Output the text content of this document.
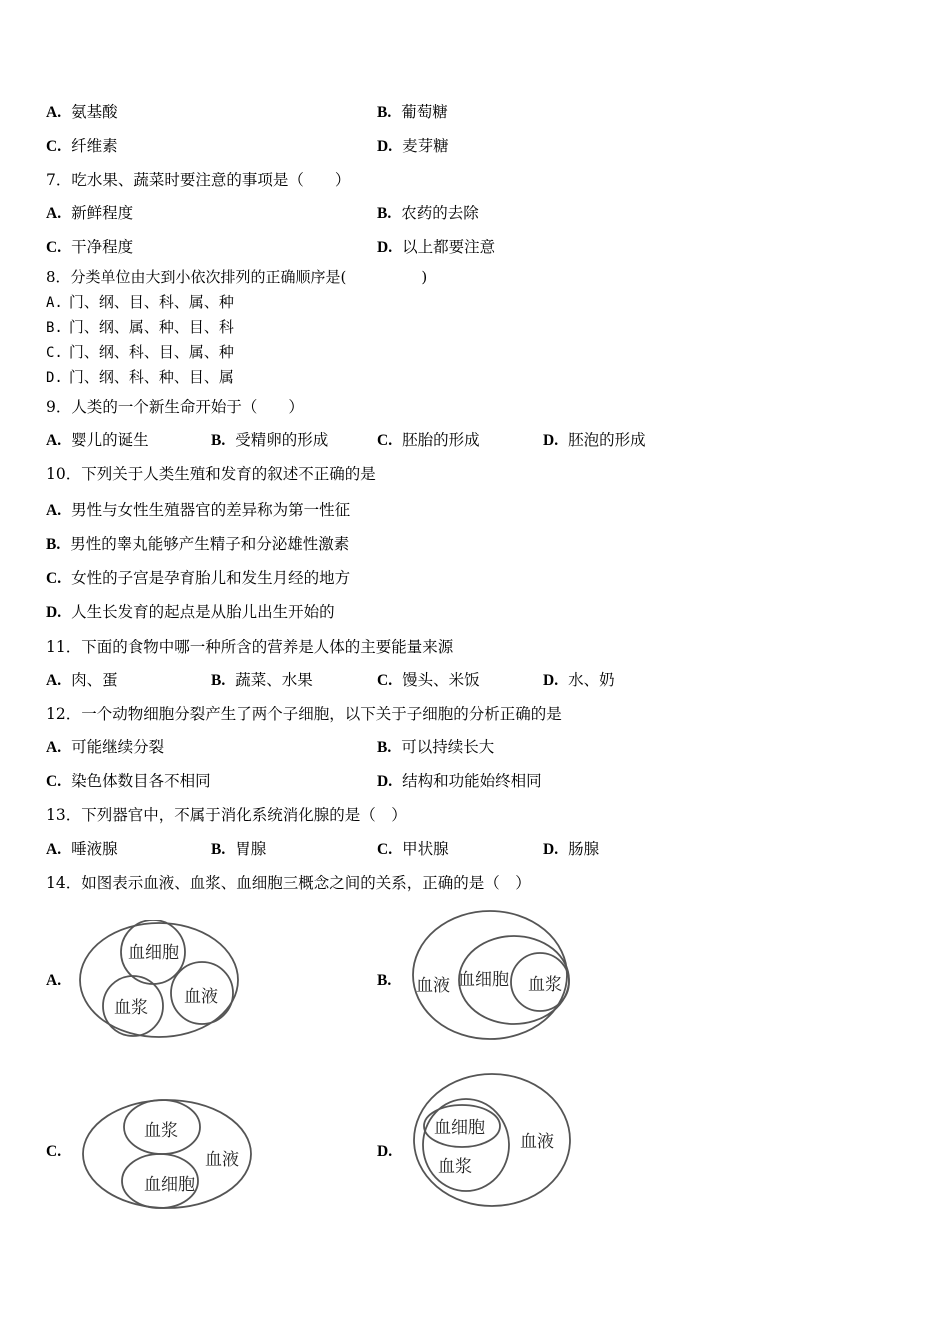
A. 氨基酸	B. 葡萄糖
C. 纤维素	D. 麦芽糖
7．吃水果、蔬菜时要注意的事项是（　　）
A. 新鲜程度	B. 农药的去除
C. 干净程度	D. 以上都要注意
8．分类单位由大到小依次排列的正确顺序是(　　　　　)
A. 门、纲、目、科、属、种
B. 门、纲、属、种、目、科
C. 门、纲、科、目、属、种
D. 门、纲、科、种、目、属
9．人类的一个新生命开始于（　　）
A. 婴儿的诞生	B. 受精卵的形成	C. 胚胎的形成	D. 胚泡的形成
10．下列关于人类生殖和发育的叙述不正确的是
A. 男性与女性生殖器官的差异称为第一性征
B. 男性的睾丸能够产生精子和分泌雄性激素
C. 女性的子宫是孕育胎儿和发生月经的地方
D. 人生长发育的起点是从胎儿出生开始的
11．下面的食物中哪一种所含的营养是人体的主要能量来源
A. 肉、蛋	B. 蔬菜、水果	C. 馒头、米饭	D. 水、奶
12．一个动物细胞分裂产生了两个子细胞，以下关于子细胞的分析正确的是
A. 可能继续分裂	B. 可以持续长大
C. 染色体数目各不相同	D. 结构和功能始终相同
13．下列器官中，不属于消化系统消化腺的是（　）
A. 唾液腺	B. 胃腺	C. 甲状腺	D. 肠腺
14．如图表示血液、血浆、血细胞三概念之间的关系，正确的是（　）
A.
血细胞
血浆
血液
B.	血液 血细胞 血浆
C.
血浆
血细胞
血液	D.
血细胞
血浆
血液
